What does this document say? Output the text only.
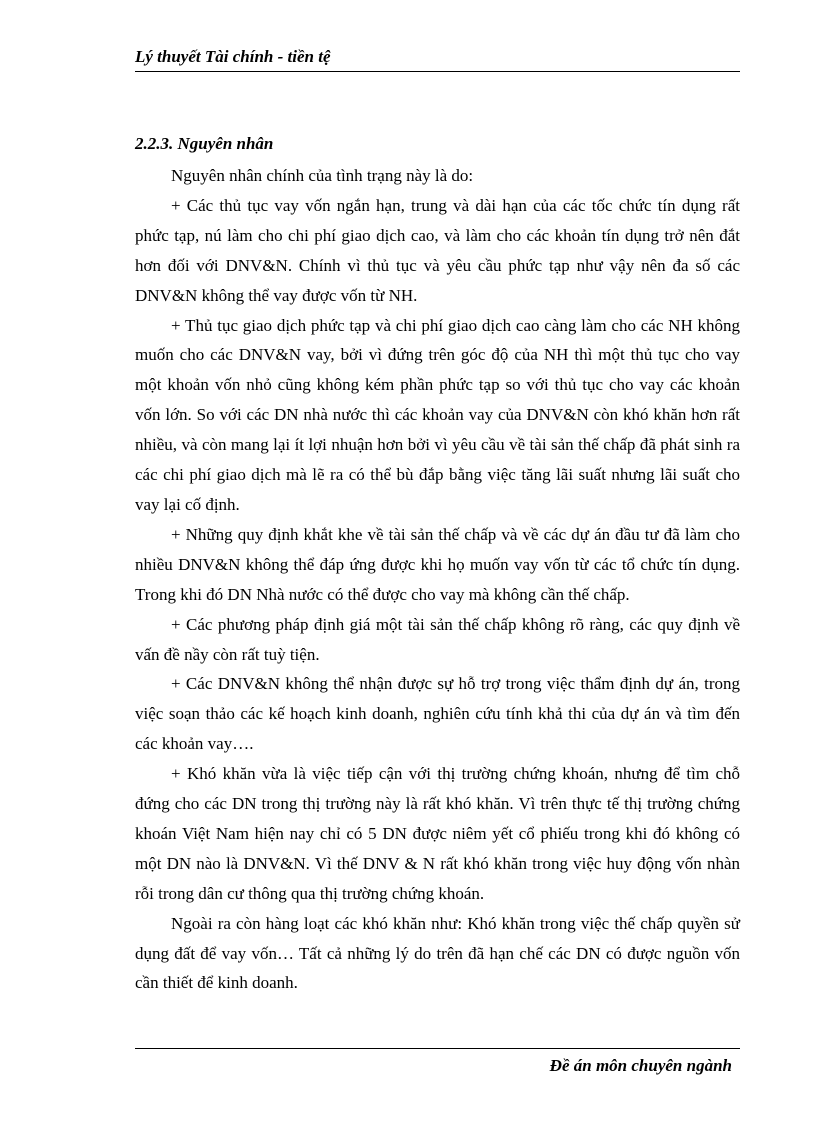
Lý thuyết Tài chính - tiền tệ
2.2.3. Nguyên nhân

Nguyên nhân chính của tình trạng này là do:

+ Các thủ tục vay vốn ngắn hạn, trung và dài hạn của các tốc chức tín dụng rất phức tạp, nú làm cho chi phí giao dịch cao, và làm cho các khoản tín dụng trở nên đắt hơn đối với DNV&N. Chính vì thủ tục và yêu cầu phức tạp như vậy nên đa số các DNV&N không thể vay được vốn từ NH.

+ Thủ tục giao dịch phức tạp và chi phí giao dịch cao càng làm cho các NH không muốn cho các DNV&N vay, bởi vì đứng trên góc độ của NH thì một thủ tục cho vay một khoản vốn nhỏ cũng không kém phần phức tạp so với thủ tục cho vay các khoản vốn lớn. So với các DN nhà nước thì các khoản vay của DNV&N còn khó khăn hơn rất nhiều, và còn mang lại ít lợi nhuận hơn bởi vì yêu cầu về tài sản thế chấp đã phát sinh ra các chi phí giao dịch mà lẽ ra có thể bù đắp bằng việc tăng lãi suất nhưng lãi suất cho vay lại cố định.

+ Những quy định khắt khe về tài sản thế chấp và về các dự án đầu tư đã làm cho nhiều DNV&N không thể đáp ứng được khi họ muốn vay vốn từ các tổ chức tín dụng. Trong khi đó DN Nhà nước có thể được cho vay mà không cần thế chấp.

+ Các phương pháp định giá một tài sản thế chấp không rõ ràng, các quy định về vấn đề nầy còn rất tuỳ tiện.

+ Các DNV&N không thể nhận được sự hỗ trợ trong việc thẩm định dự án, trong việc soạn thảo các kế hoạch kinh doanh, nghiên cứu tính khả thi của dự án và tìm đến các khoản vay….

+ Khó khăn vừa là việc tiếp cận với thị trường chứng khoán, nhưng để tìm chỗ đứng cho các DN trong thị trường này là rất khó khăn. Vì trên thực tế thị trường chứng khoán Việt Nam hiện nay chỉ có 5 DN được niêm yết cổ phiếu trong khi đó không có một DN nào là DNV&N. Vì thế DNV & N rất khó khăn trong việc huy động vốn nhàn rỗi trong dân cư thông qua thị trường chứng khoán.

Ngoài ra còn hàng loạt các khó khăn như: Khó khăn trong việc thế chấp quyền sử dụng đất để vay vốn… Tất cả những lý do trên đã hạn chế các DN có được nguồn vốn cần thiết để kinh doanh.

Đề án môn chuyên ngành
